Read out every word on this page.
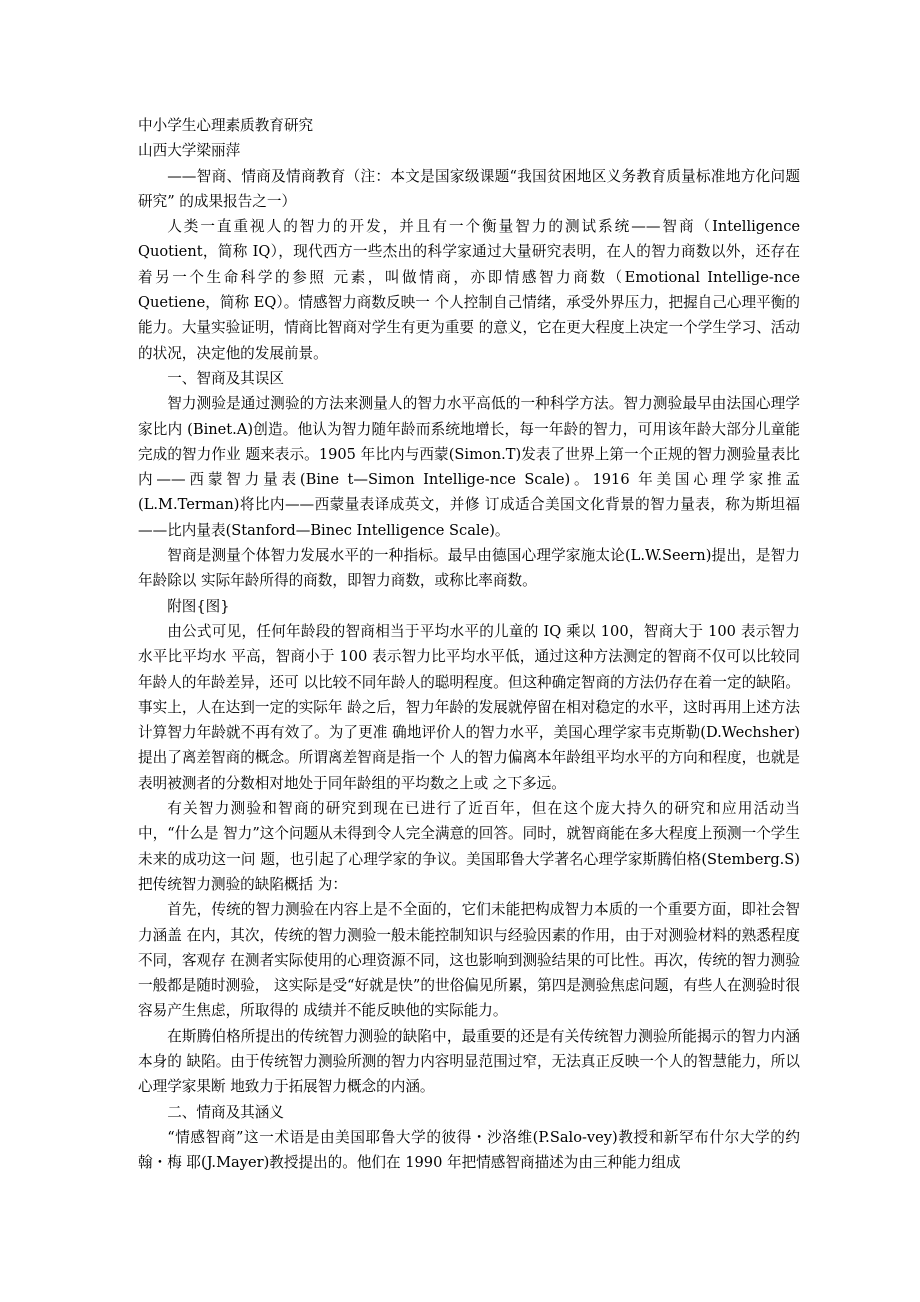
中小学生心理素质教育研究

山西大学梁丽萍

——智商、情商及情商教育（注：本文是国家级课题“我国贫困地区义务教育质量标准地方化问题研究” 的成果报告之一）

人类一直重视人的智力的开发，并且有一个衡量智力的测试系统——智商（Intelligence Quotient，简称 IQ），现代西方一些杰出的科学家通过大量研究表明，在人的智力商数以外，还存在着另一个生命科学的参照 元素，叫做情商，亦即情感智力商数（Emotional Intellige-nce Quetiene，简称 EQ）。情感智力商数反映一 个人控制自己情绪，承受外界压力，把握自己心理平衡的能力。大量实验证明，情商比智商对学生有更为重要 的意义，它在更大程度上决定一个学生学习、活动的状况，决定他的发展前景。

一、智商及其误区

智力测验是通过测验的方法来测量人的智力水平高低的一种科学方法。智力测验最早由法国心理学家比内 (Binet.A)创造。他认为智力随年龄而系统地增长，每一年龄的智力，可用该年龄大部分儿童能完成的智力作业 题来表示。1905 年比内与西蒙(Simon.T)发表了世界上第一个正规的智力测验量表比内——西蒙智力量表(Bine t—Simon Intellige-nce Scale)。1916 年美国心理学家推孟(L.M.Terman)将比内——西蒙量表译成英文，并修 订成适合美国文化背景的智力量表，称为斯坦福——比内量表(Stanford—Binec Intelligence Scale)。

智商是测量个体智力发展水平的一种指标。最早由德国心理学家施太论(L.W.Seern)提出，是智力年龄除以 实际年龄所得的商数，即智力商数，或称比率商数。

附图{图}

由公式可见，任何年龄段的智商相当于平均水平的儿童的 IQ 乘以 100，智商大于 100 表示智力水平比平均水 平高，智商小于 100 表示智力比平均水平低，通过这种方法测定的智商不仅可以比较同年龄人的年龄差异，还可 以比较不同年龄人的聪明程度。但这种确定智商的方法仍存在着一定的缺陷。事实上，人在达到一定的实际年 龄之后，智力年龄的发展就停留在相对稳定的水平，这时再用上述方法计算智力年龄就不再有效了。为了更准 确地评价人的智力水平，美国心理学家韦克斯勒(D.Wechsher)提出了离差智商的概念。所谓离差智商是指一个 人的智力偏离本年龄组平均水平的方向和程度，也就是表明被测者的分数相对地处于同年龄组的平均数之上或 之下多远。

有关智力测验和智商的研究到现在已进行了近百年，但在这个庞大持久的研究和应用活动当中，“什么是 智力”这个问题从未得到令人完全满意的回答。同时，就智商能在多大程度上预测一个学生未来的成功这一问 题，也引起了心理学家的争议。美国耶鲁大学著名心理学家斯腾伯格(Stemberg.S)把传统智力测验的缺陷概括 为：

首先，传统的智力测验在内容上是不全面的，它们未能把构成智力本质的一个重要方面，即社会智力涵盖 在内，其次，传统的智力测验一般未能控制知识与经验因素的作用，由于对测验材料的熟悉程度不同，客观存 在测者实际使用的心理资源不同，这也影响到测验结果的可比性。再次，传统的智力测验一般都是随时测验， 这实际是受“好就是快”的世俗偏见所累，第四是测验焦虑问题，有些人在测验时很容易产生焦虑，所取得的 成绩并不能反映他的实际能力。

在斯腾伯格所提出的传统智力测验的缺陷中，最重要的还是有关传统智力测验所能揭示的智力内涵本身的 缺陷。由于传统智力测验所测的智力内容明显范围过窄，无法真正反映一个人的智慧能力，所以心理学家果断 地致力于拓展智力概念的内涵。

二、情商及其涵义

“情感智商”这一术语是由美国耶鲁大学的彼得・沙洛维(P.Salo-vey)教授和新罕布什尔大学的约翰・梅 耶(J.Mayer)教授提出的。他们在 1990 年把情感智商描述为由三种能力组成
